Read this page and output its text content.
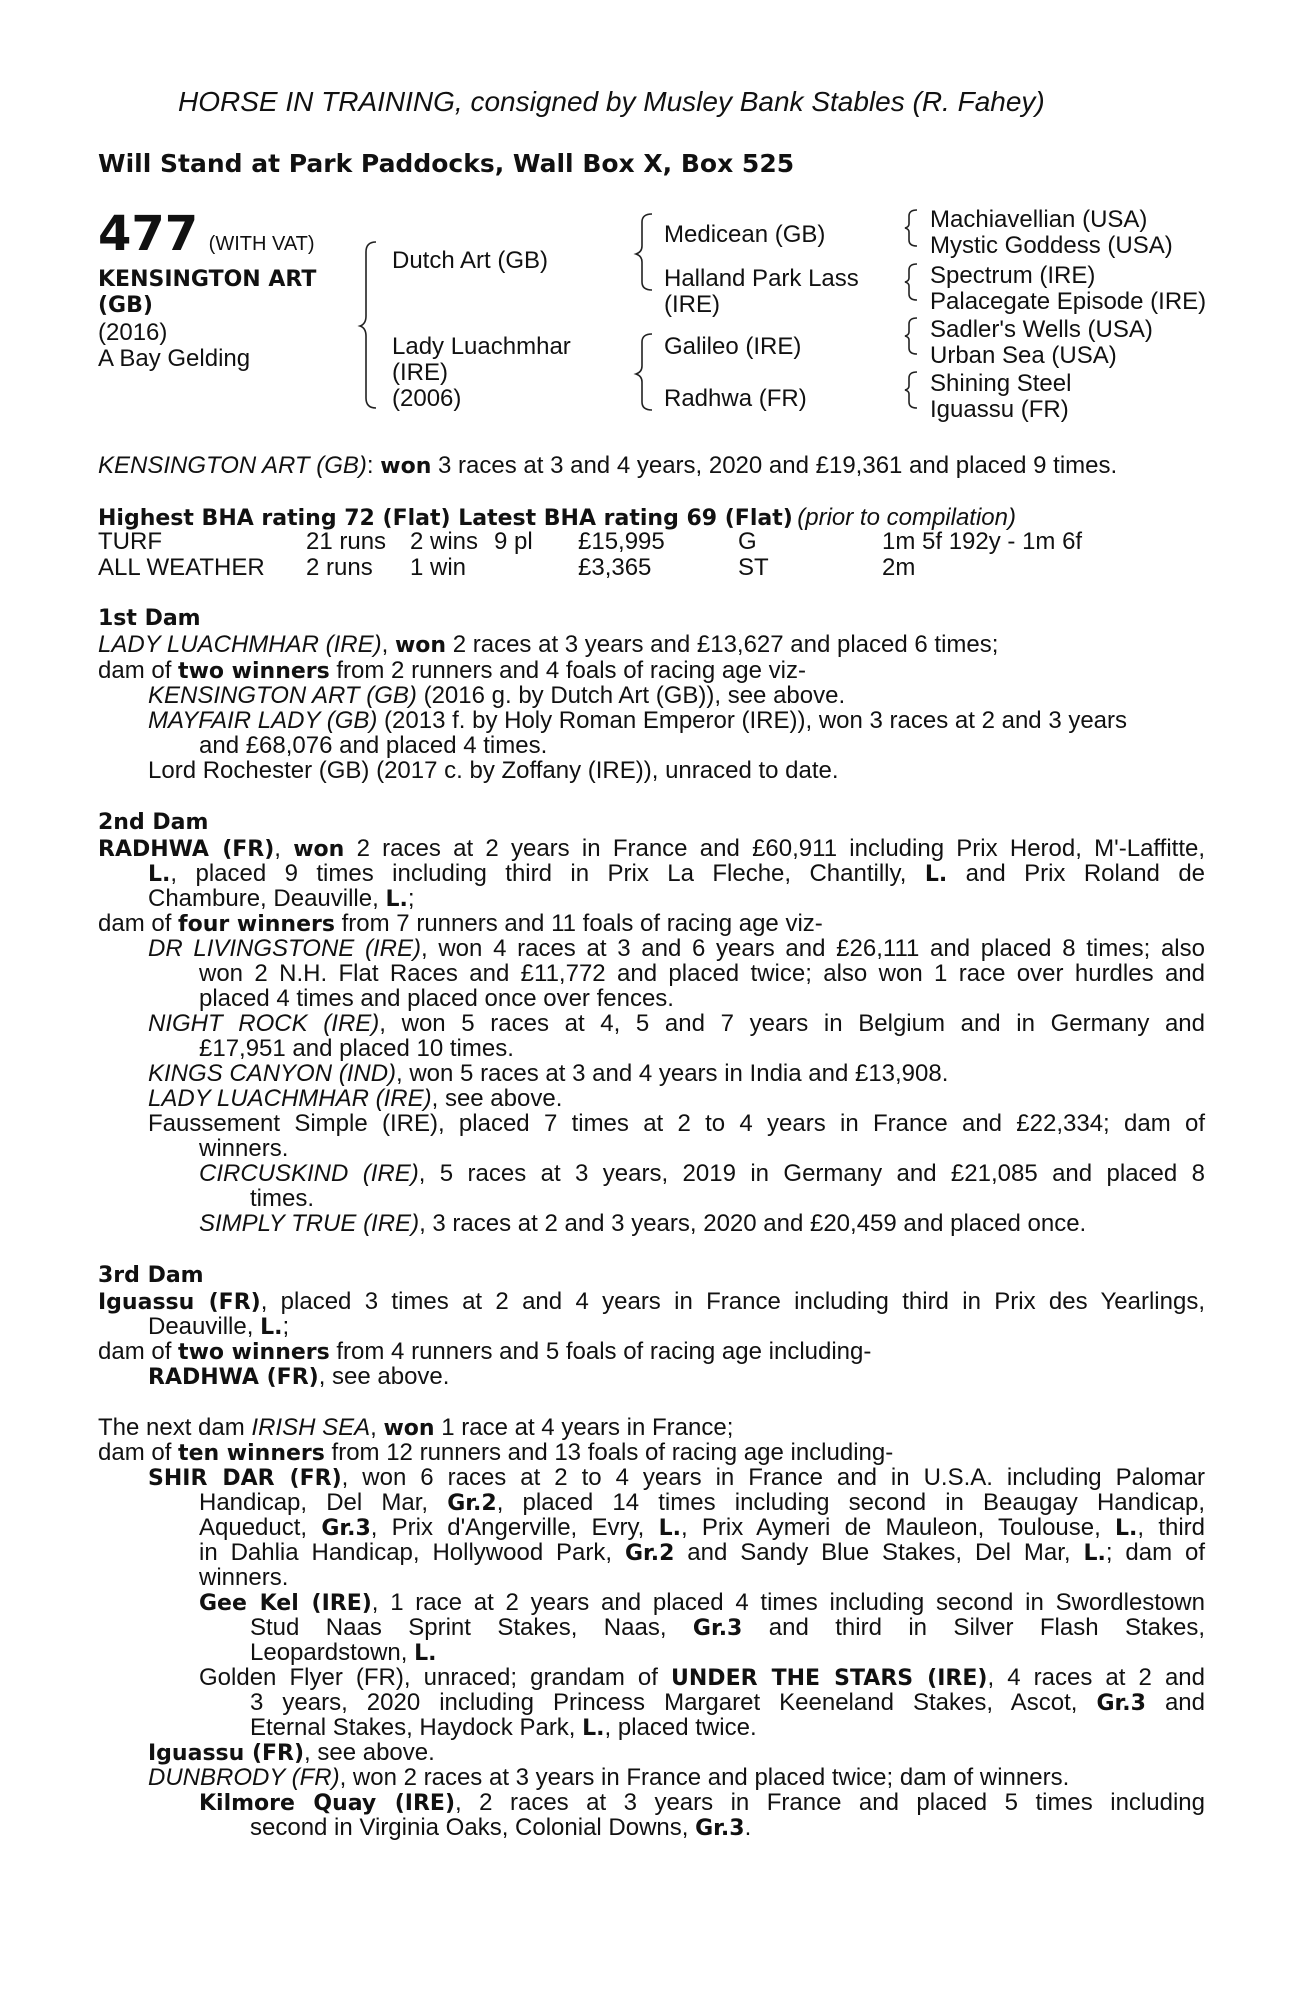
HORSE IN TRAINING, consigned by Musley Bank Stables (R. Fahey)
Will Stand at Park Paddocks, Wall Box X, Box 525
477 (WITH VAT)
KENSINGTON ART
(GB)
(2016)
A Bay Gelding
Dutch Art (GB)
Lady Luachmhar
(IRE)
(2006)
Medicean (GB)
Halland Park Lass
(IRE)
Galileo (IRE)
Radhwa (FR)
Machiavellian (USA)
Mystic Goddess (USA)
Spectrum (IRE)
Palacegate Episode (IRE)
Sadler's Wells (USA)
Urban Sea (USA)
Shining Steel
Iguassu (FR)
KENSINGTON ART (GB): won 3 races at 3 and 4 years, 2020 and £19,361 and placed 9 times.
Highest BHA rating 72 (Flat) Latest BHA rating 69 (Flat) (prior to compilation)
TURF	21 runs 2 wins 9 pl £15,995	G	1m 5f 192y - 1m 6f
ALL WEATHER 2 runs 1 win	£3,365	ST	2m
1st Dam
LADY LUACHMHAR (IRE), won 2 races at 3 years and £13,627 and placed 6 times;
dam of two winners from 2 runners and 4 foals of racing age viz-
KENSINGTON ART (GB) (2016 g. by Dutch Art (GB)), see above.
MAYFAIR LADY (GB) (2013 f. by Holy Roman Emperor (IRE)), won 3 races at 2 and 3 years
and £68,076 and placed 4 times.
Lord Rochester (GB) (2017 c. by Zoffany (IRE)), unraced to date.
2nd Dam
RADHWA (FR), won 2 races at 2 years in France and £60,911 including Prix Herod, M'-Laffitte,
L., placed 9 times including third in Prix La Fleche, Chantilly, L. and Prix Roland de
Chambure, Deauville, L.;
dam of four winners from 7 runners and 11 foals of racing age viz-
DR LIVINGSTONE (IRE), won 4 races at 3 and 6 years and £26,111 and placed 8 times; also
won 2 N.H. Flat Races and £11,772 and placed twice; also won 1 race over hurdles and
placed 4 times and placed once over fences.
NIGHT ROCK (IRE), won 5 races at 4, 5 and 7 years in Belgium and in Germany and
£17,951 and placed 10 times.
KINGS CANYON (IND), won 5 races at 3 and 4 years in India and £13,908.
LADY LUACHMHAR (IRE), see above.
Faussement Simple (IRE), placed 7 times at 2 to 4 years in France and £22,334; dam of
winners.
CIRCUSKIND (IRE), 5 races at 3 years, 2019 in Germany and £21,085 and placed 8
times.
SIMPLY TRUE (IRE), 3 races at 2 and 3 years, 2020 and £20,459 and placed once.
3rd Dam
Iguassu (FR), placed 3 times at 2 and 4 years in France including third in Prix des Yearlings,
Deauville, L.;
dam of two winners from 4 runners and 5 foals of racing age including-
RADHWA (FR), see above.
The next dam IRISH SEA, won 1 race at 4 years in France;
dam of ten winners from 12 runners and 13 foals of racing age including-
SHIR DAR (FR), won 6 races at 2 to 4 years in France and in U.S.A. including Palomar
Handicap, Del Mar, Gr.2, placed 14 times including second in Beaugay Handicap,
Aqueduct, Gr.3, Prix d'Angerville, Evry, L., Prix Aymeri de Mauleon, Toulouse, L., third
in Dahlia Handicap, Hollywood Park, Gr.2 and Sandy Blue Stakes, Del Mar, L.; dam of
winners.
Gee Kel (IRE), 1 race at 2 years and placed 4 times including second in Swordlestown
Stud Naas Sprint Stakes, Naas, Gr.3 and third in Silver Flash Stakes,
Leopardstown, L.
Golden Flyer (FR), unraced; grandam of UNDER THE STARS (IRE), 4 races at 2 and
3 years, 2020 including Princess Margaret Keeneland Stakes, Ascot, Gr.3 and
Eternal Stakes, Haydock Park, L., placed twice.
Iguassu (FR), see above.
DUNBRODY (FR), won 2 races at 3 years in France and placed twice; dam of winners.
Kilmore Quay (IRE), 2 races at 3 years in France and placed 5 times including
second in Virginia Oaks, Colonial Downs, Gr.3.
